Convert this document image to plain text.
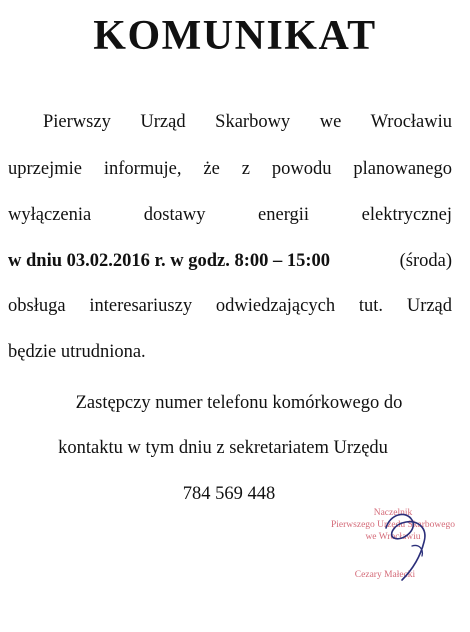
KOMUNIKAT
Pierwszy Urząd Skarbowy we Wrocławiu
uprzejmie informuje, że z powodu planowanego
wyłączenia	dostawy	energii	elektrycznej
w dniu 03.02.2016 r. w godz. 8:00 – 15:00	(środa)
obsługa interesariuszy odwiedzających tut. Urząd
będzie utrudniona.
Zastępczy numer telefonu komórkowego do
kontaktu w tym dniu z sekretariatem Urzędu
784 569 448
Naczelnik
Pierwszego Urzędu Skarbowego
we Wrocławiu
Cezary Małecki
